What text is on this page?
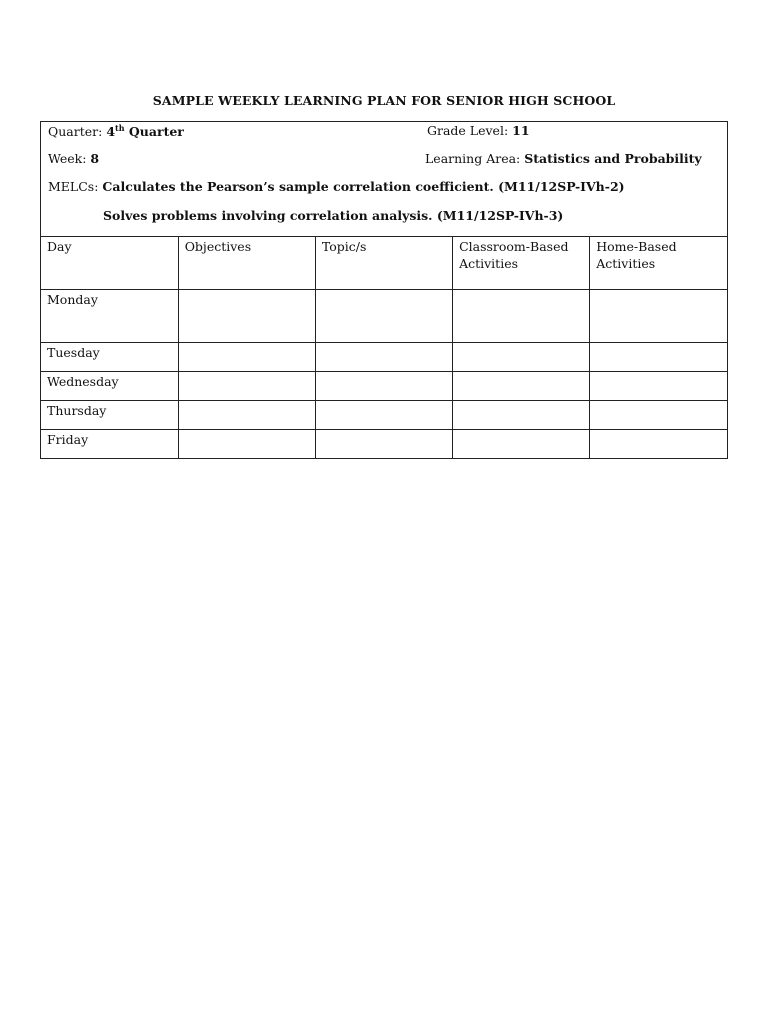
SAMPLE WEEKLY LEARNING PLAN FOR SENIOR HIGH SCHOOL
Quarter: 4th Quarter	Grade Level: 11
Week: 8	Learning Area: Statistics and Probability
MELCs: Calculates the Pearson’s sample correlation coefficient. (M11/12SP-IVh-2)
Solves problems involving correlation analysis. (M11/12SP-IVh-3)
Day	Objectives	Topic/s	Classroom-Based Activities	Home-Based Activities
Monday				
Tuesday				
Wednesday				
Thursday				
Friday				
